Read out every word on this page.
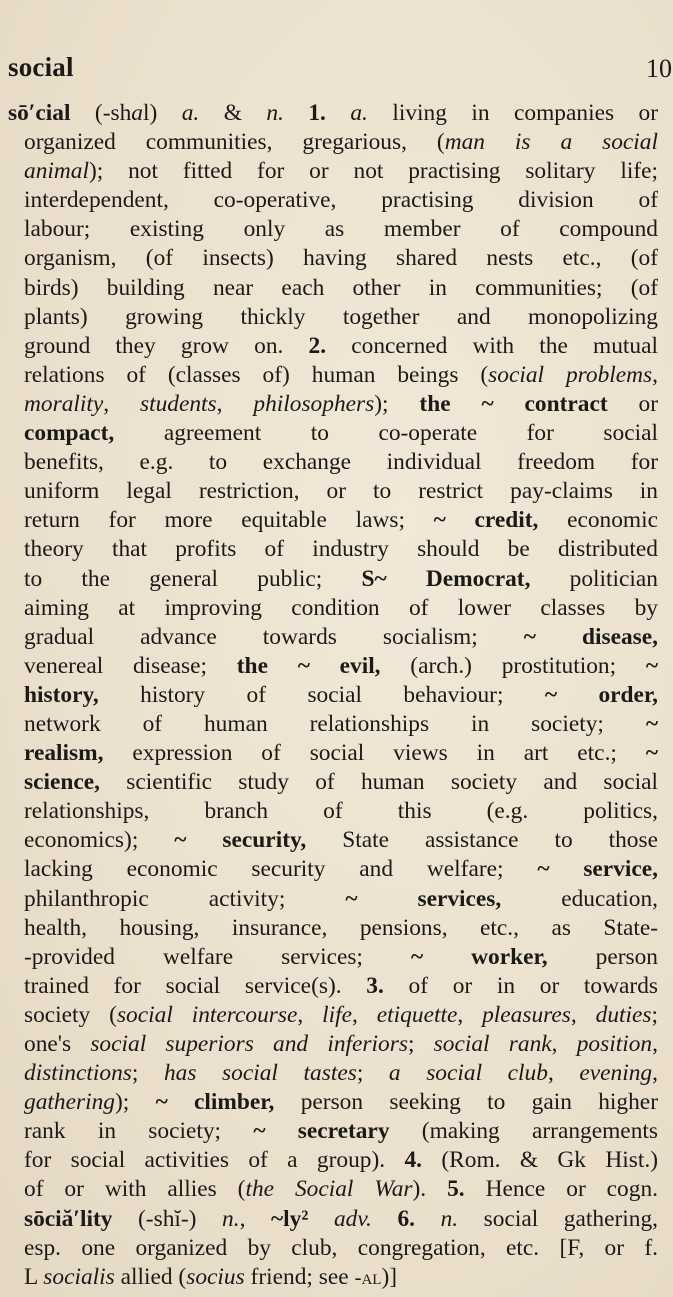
social	10
sō′cial (-shal) a. & n. 1. a. living in companies or
organized communities, gregarious, (man is a social
animal); not fitted for or not practising solitary life;
interdependent, co-operative, practising division of
labour; existing only as member of compound
organism, (of insects) having shared nests etc., (of
birds) building near each other in communities; (of
plants) growing thickly together and monopolizing
ground they grow on. 2. concerned with the mutual
relations of (classes of) human beings (social problems,
morality, students, philosophers); the ~ contract or
compact, agreement to co-operate for social
benefits, e.g. to exchange individual freedom for
uniform legal restriction, or to restrict pay-claims in
return for more equitable laws; ~ credit, economic
theory that profits of industry should be distributed
to the general public; S~ Democrat, politician
aiming at improving condition of lower classes by
gradual advance towards socialism; ~ disease,
venereal disease; the ~ evil, (arch.) prostitution; ~
history, history of social behaviour; ~ order,
network of human relationships in society; ~
realism, expression of social views in art etc.; ~
science, scientific study of human society and social
relationships, branch of this (e.g. politics,
economics); ~ security, State assistance to those
lacking economic security and welfare; ~ service,
philanthropic activity; ~ services, education,
health, housing, insurance, pensions, etc., as State-
-provided welfare services; ~ worker, person
trained for social service(s). 3. of or in or towards
society (social intercourse, life, etiquette, pleasures, duties;
one's social superiors and inferiors; social rank, position,
distinctions; has social tastes; a social club, evening,
gathering); ~ climber, person seeking to gain higher
rank in society; ~ secretary (making arrangements
for social activities of a group). 4. (Rom. & Gk Hist.)
of or with allies (the Social War). 5. Hence or cogn.
sōciă′lity (-shĭ-) n., ~ly² adv. 6. n. social gathering,
esp. one organized by club, congregation, etc. [F, or f.
L socialis allied (socius friend; see -al)]
